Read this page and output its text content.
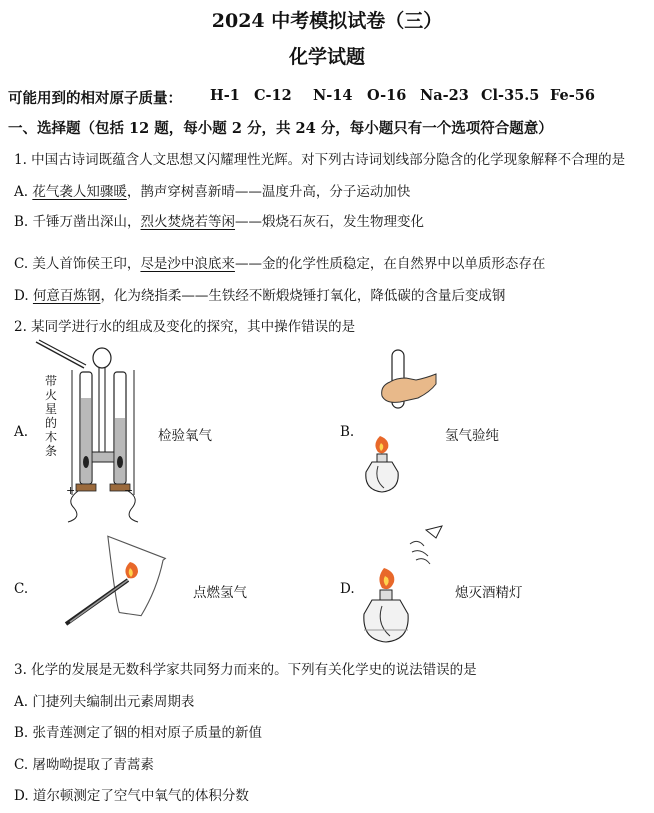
2024 中考模拟试卷（三）
化学试题
可能用到的相对原子质量： H-1 C-12 N-14 O-16 Na-23 Cl-35.5 Fe-56
一、选择题（包括 12 题，每小题 2 分，共 24 分，每小题只有一个选项符合题意）
1. 中国古诗词既蕴含人文思想又闪耀理性光辉。对下列古诗词划线部分隐含的化学现象解释不合理的是
A. 花气袭人知骤暖，鹊声穿树喜新晴——温度升高，分子运动加快
B. 千锤万凿出深山，烈火焚烧若等闲——煅烧石灰石，发生物理变化
C. 美人首饰侯王印，尽是沙中浪底来——金的化学性质稳定，在自然界中以单质形态存在
D. 何意百炼钢，化为绕指柔——生铁经不断煅烧锤打氧化，降低碳的含量后变成钢
2. 某同学进行水的组成及变化的探究，其中操作错误的是
A.
带
火
星
的
木
条
+	−
检验氧气	B.	氢气验纯
C.	点燃氢气	D.	熄灭酒精灯
3. 化学的发展是无数科学家共同努力而来的。下列有关化学史的说法错误的是
A. 门捷列夫编制出元素周期表
B. 张青莲测定了铟的相对原子质量的新值
C. 屠呦呦提取了青蒿素
D. 道尔顿测定了空气中氧气的体积分数
